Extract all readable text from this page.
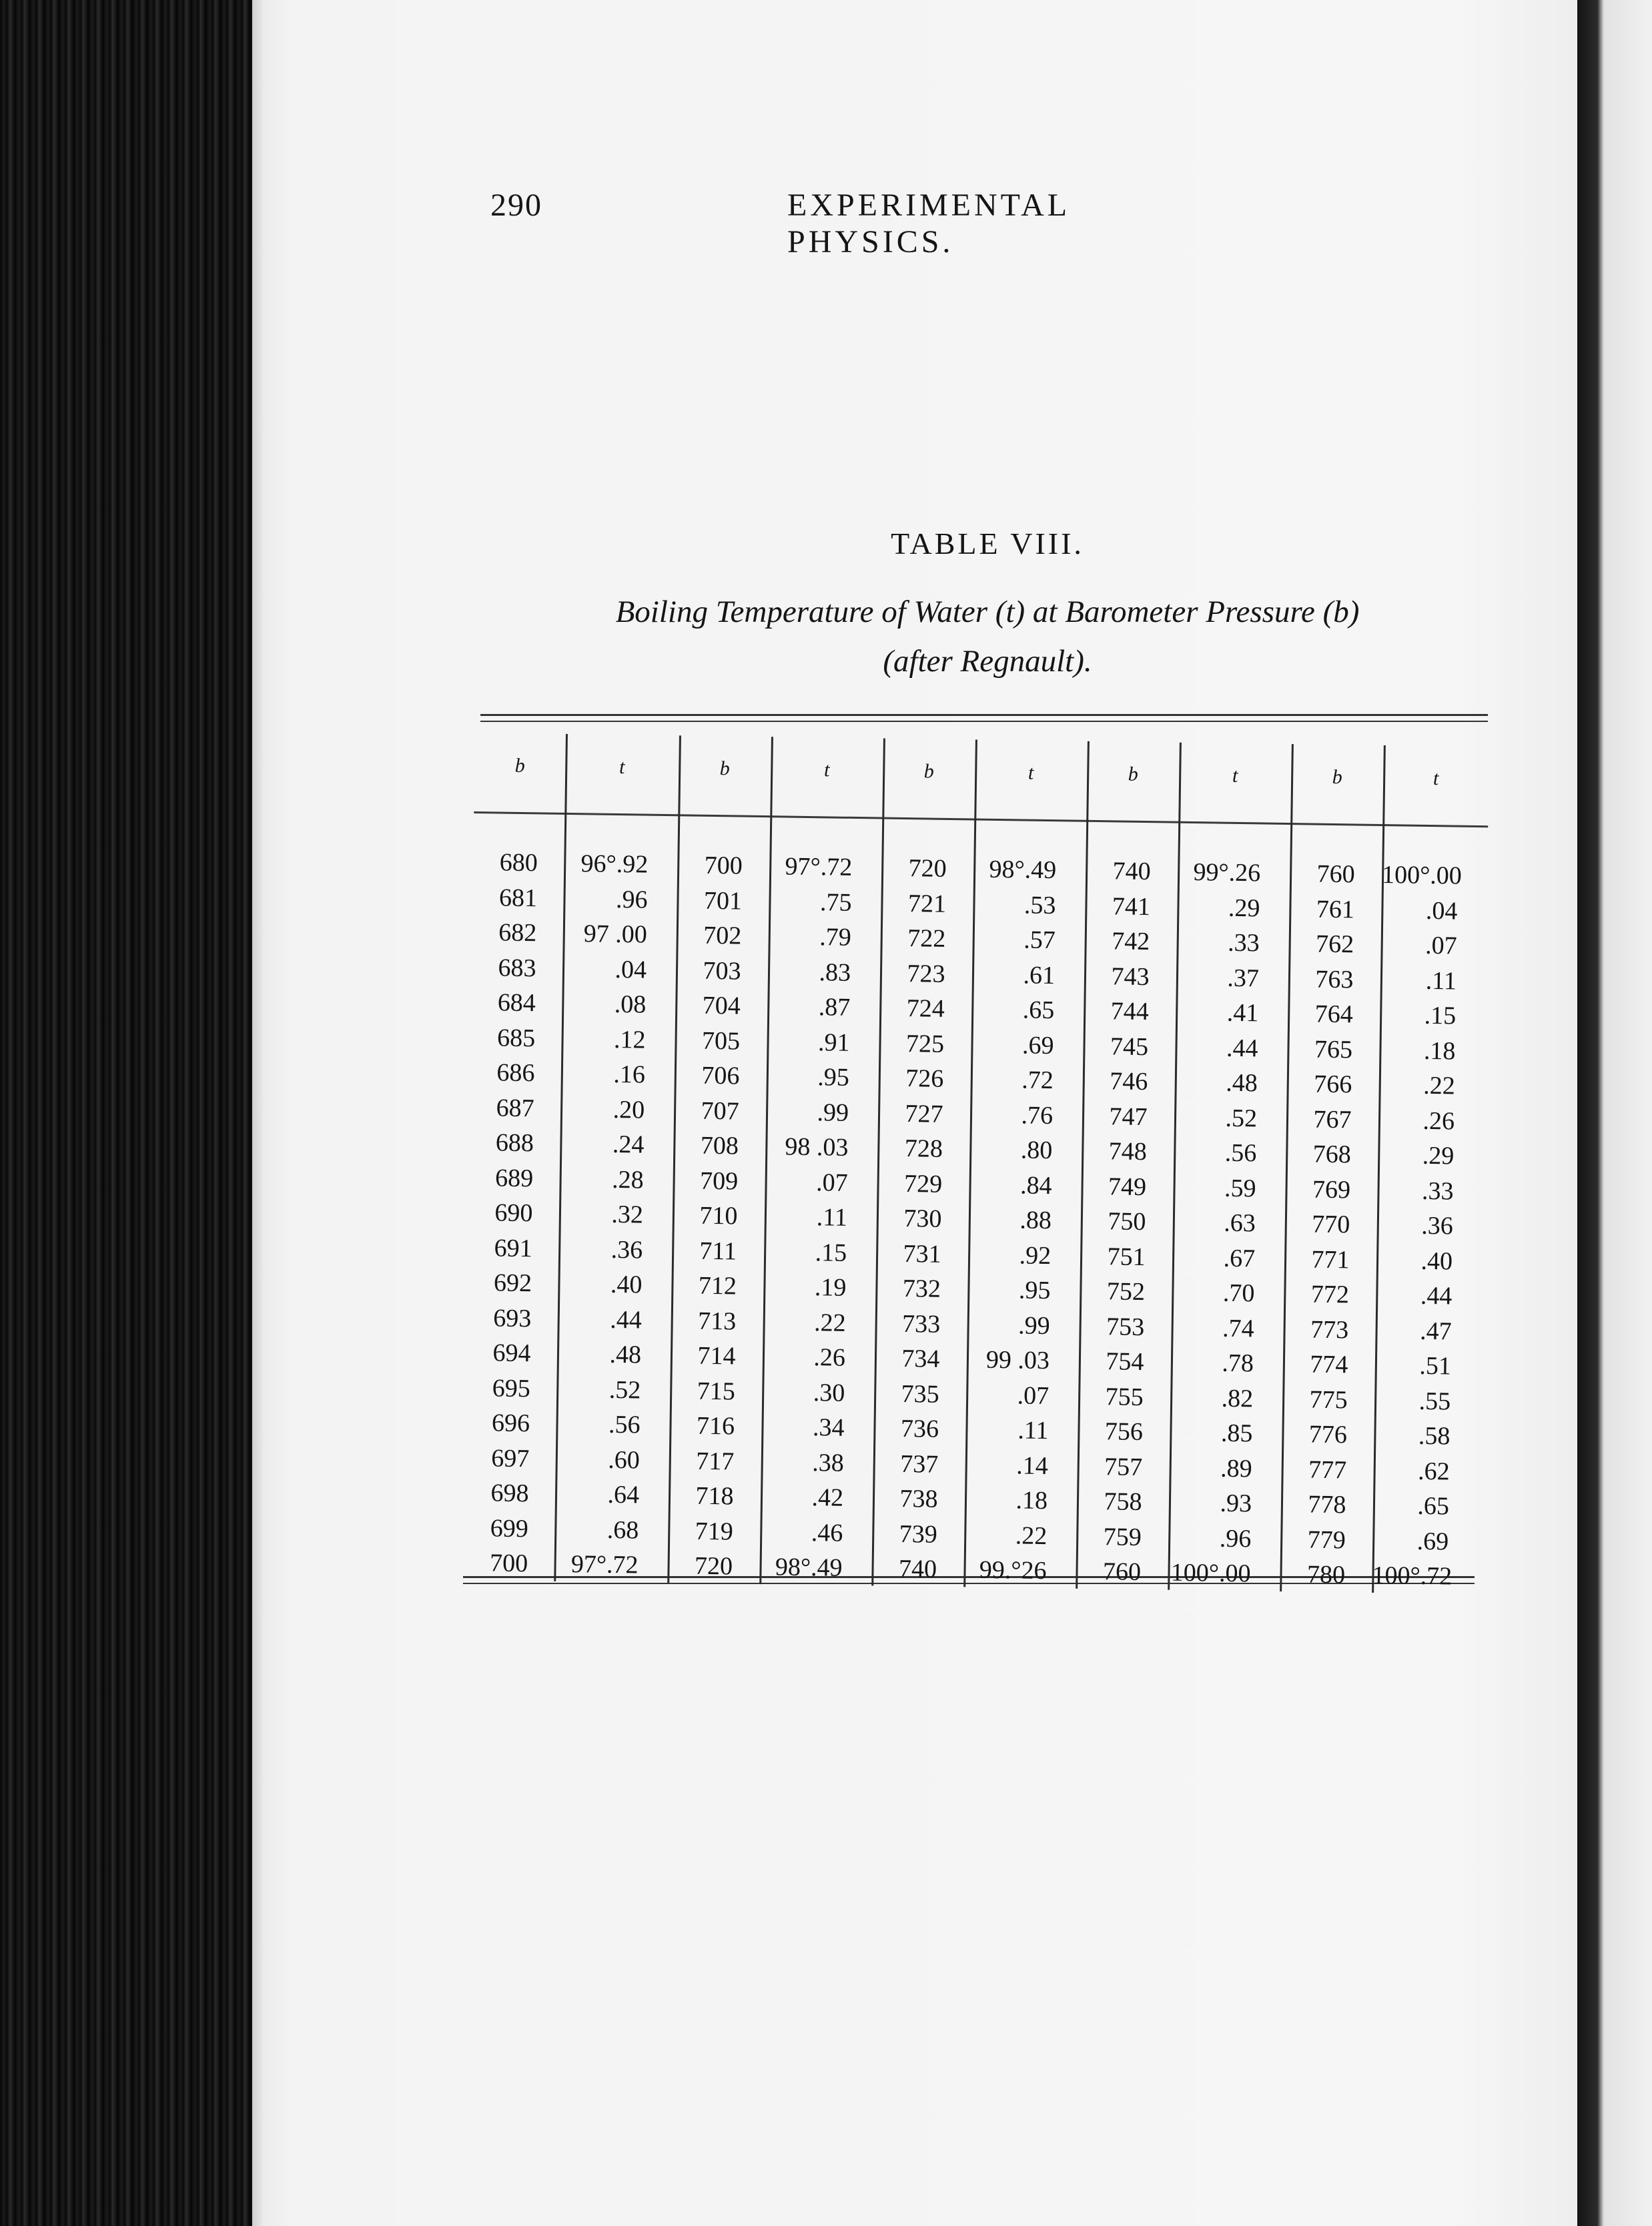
290	EXPERIMENTAL PHYSICS.
TABLE VIII.
Boiling Temperature of Water (t) at Barometer Pressure (b)
(after Regnault).
b
680
681
682
683
684
685
686
687
688
689
690
691
692
693
694
695
696
697
698
699
700
t
96°.92
.96
97 .00
.04
.08
.12
.16
.20
.24
.28
.32
.36
.40
.44
.48
.52
.56
.60
.64
.68
97°.72
b
700
701
702
703
704
705
706
707
708
709
710
711
712
713
714
715
716
717
718
719
720
t
97°.72
.75
.79
.83
.87
.91
.95
.99
98 .03
.07
.11
.15
.19
.22
.26
.30
.34
.38
.42
.46
98°.49
b
720
721
722
723
724
725
726
727
728
729
730
731
732
733
734
735
736
737
738
739
740
t
98°.49
.53
.57
.61
.65
.69
.72
.76
.80
.84
.88
.92
.95
.99
99 .03
.07
.11
.14
.18
.22
99.°26
b
740
741
742
743
744
745
746
747
748
749
750
751
752
753
754
755
756
757
758
759
760
t
99°.26
.29
.33
.37
.41
.44
.48
.52
.56
.59
.63
.67
.70
.74
.78
.82
.85
.89
.93
.96
100°.00
b
760
761
762
763
764
765
766
767
768
769
770
771
772
773
774
775
776
777
778
779
780
t
100°.00
.04
.07
.11
.15
.18
.22
.26
.29
.33
.36
.40
.44
.47
.51
.55
.58
.62
.65
.69
100°.72
